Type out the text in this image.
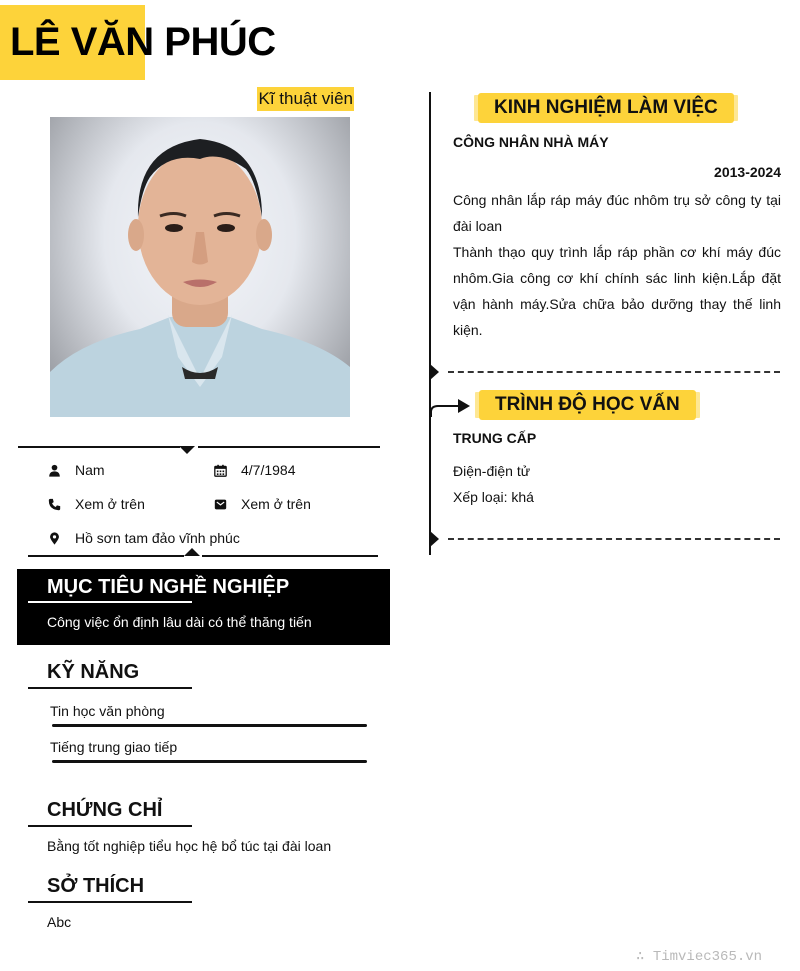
LÊ VĂN PHÚC
Kĩ thuật viên
Nam	4/7/1984
Xem ở trên	Xem ở trên
Hồ sơn tam đảo vĩnh phúc
MỤC TIÊU NGHỀ NGHIỆP
Công việc ổn định lâu dài có thể thăng tiến
KỸ NĂNG
Tin học văn phòng
Tiếng trung giao tiếp
CHỨNG CHỈ
Bằng tốt nghiệp tiểu học hệ bổ túc tại đài loan
SỞ THÍCH
Abc
KINH NGHIỆM LÀM VIỆC
CÔNG NHÂN NHÀ MÁY
2013-2024
Công nhân lắp ráp máy đúc nhôm trụ sở công ty tại đài loan
Thành thạo quy trình lắp ráp phần cơ khí máy đúc nhôm.Gia công cơ khí chính sác linh kiện.Lắp đặt vận hành máy.Sửa chữa bảo dưỡng thay thế linh kiện.
TRÌNH ĐỘ HỌC VẤN
TRUNG CẤP
Điện-điện tử
Xếp loại: khá
∴ Timviec365.vn
